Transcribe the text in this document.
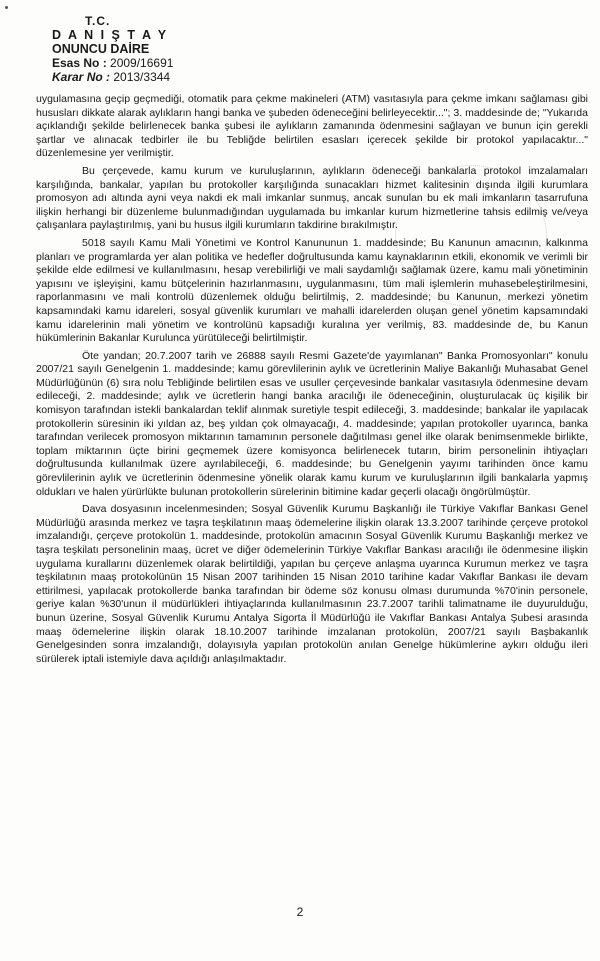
T.C.
D A N I Ş T A Y
ONUNCU DAİRE
Esas No : 2009/16691
Karar No : 2013/3344

uygulamasına geçip geçmediği, otomatik para çekme makineleri (ATM) vasıtasıyla para çekme imkanı sağlaması gibi hususları dikkate alarak aylıkların hangi banka ve şubeden ödeneceğini belirleyecektir..."; 3. maddesinde de; "Yukarıda açıklandığı şekilde belirlenecek banka şubesi ile aylıkların zamanında ödenmesini sağlayan ve bunun için gerekli şartlar ve alınacak tedbirler ile bu Tebliğde belirtilen esasları içerecek şekilde bir protokol yapılacaktır..." düzenlemesine yer verilmiştir.

Bu çerçevede, kamu kurum ve kuruluşlarının, aylıkların ödeneceği bankalarla protokol imzalamaları karşılığında, bankalar, yapılan bu protokoller karşılığında sunacakları hizmet kalitesinin dışında ilgili kurumlara promosyon adı altında ayni veya nakdi ek mali imkanlar sunmuş, ancak sunulan bu ek mali imkanların tasarrufuna ilişkin herhangi bir düzenleme bulunmadığından uygulamada bu imkanlar kurum hizmetlerine tahsis edilmiş ve/veya çalışanlara paylaştırılmış, yani bu husus ilgili kurumların takdirine bırakılmıştır.

5018 sayılı Kamu Mali Yönetimi ve Kontrol Kanununun 1. maddesinde; Bu Kanunun amacının, kalkınma planları ve programlarda yer alan politika ve hedefler doğrultusunda kamu kaynaklarının etkili, ekonomik ve verimli bir şekilde elde edilmesi ve kullanılmasını, hesap verebilirliği ve mali saydamlığı sağlamak üzere, kamu mali yönetiminin yapısını ve işleyişini, kamu bütçelerinin hazırlanmasını, uygulanmasını, tüm mali işlemlerin muhasebeleştirilmesini, raporlanmasını ve mali kontrolü düzenlemek olduğu belirtilmiş, 2. maddesinde; bu Kanunun, merkezi yönetim kapsamındaki kamu idareleri, sosyal güvenlik kurumları ve mahalli idarelerden oluşan genel yönetim kapsamındaki kamu idarelerinin mali yönetim ve kontrolünü kapsadığı kuralına yer verilmiş, 83. maddesinde de, bu Kanun hükümlerinin Bakanlar Kurulunca yürütüleceği belirtilmiştir.

Öte yandan; 20.7.2007 tarih ve 26888 sayılı Resmi Gazete'de yayımlanan" Banka Promosyonları" konulu 2007/21 sayılı Genelgenin 1. maddesinde; kamu görevlilerinin aylık ve ücretlerinin Maliye Bakanlığı Muhasabat Genel Müdürlüğünün (6) sıra nolu Tebliğinde belirtilen esas ve usuller çerçevesinde bankalar vasıtasıyla ödenmesine devam edileceği, 2. maddesinde; aylık ve ücretlerin hangi banka aracılığı ile ödeneceğinin, oluşturulacak üç kişilik bir komisyon tarafından istekli bankalardan teklif alınmak suretiyle tespit edileceği, 3. maddesinde; bankalar ile yapılacak protokollerin süresinin iki yıldan az, beş yıldan çok olmayacağı, 4. maddesinde; yapılan protokoller uyarınca, banka tarafından verilecek promosyon miktarının tamamının personele dağıtılması genel ilke olarak benimsenmekle birlikte, toplam miktarının üçte birini geçmemek üzere komisyonca belirlenecek tutarın, birim personelinin ihtiyaçları doğrultusunda kullanılmak üzere ayrılabileceği, 6. maddesinde; bu Genelgenin yayımı tarihinden önce kamu görevlilerinin aylık ve ücretlerinin ödenmesine yönelik olarak kamu kurum ve kuruluşlarının ilgili bankalarla yapmış oldukları ve halen yürürlükte bulunan protokollerin sürelerinin bitimine kadar geçerli olacağı öngörülmüştür.

Dava dosyasının incelenmesinden; Sosyal Güvenlik Kurumu Başkanlığı ile Türkiye Vakıflar Bankası Genel Müdürlüğü arasında merkez ve taşra teşkilatının maaş ödemelerine ilişkin olarak 13.3.2007 tarihinde çerçeve protokol imzalandığı, çerçeve protokolün 1. maddesinde, protokolün amacının Sosyal Güvenlik Kurumu Başkanlığı merkez ve taşra teşkilatı personelinin maaş, ücret ve diğer ödemelerinin Türkiye Vakıflar Bankası aracılığı ile ödenmesine ilişkin uygulama kurallarını düzenlemek olarak belirtildiği, yapılan bu çerçeve anlaşma uyarınca Kurumun merkez ve taşra teşkilatının maaş protokolünün 15 Nisan 2007 tarihinden 15 Nisan 2010 tarihine kadar Vakıflar Bankası ile devam ettirilmesi, yapılacak protokollerde banka tarafından bir ödeme söz konusu olması durumunda %70'inin personele, geriye kalan %30'unun il müdürlükleri ihtiyaçlarında kullanılmasının 23.7.2007 tarihli talimatname ile duyurulduğu, bunun üzerine, Sosyal Güvenlik Kurumu Antalya Sigorta İl Müdürlüğü ile Vakıflar Bankası Antalya Şubesi arasında maaş ödemelerine ilişkin olarak 18.10.2007 tarihinde imzalanan protokolün, 2007/21 sayılı Başbakanlık Genelgesinden sonra imzalandığı, dolayısıyla yapılan protokolün anılan Genelge hükümlerine aykırı olduğu ileri sürülerek iptali istemiyle dava açıldığı anlaşılmaktadır.

2
